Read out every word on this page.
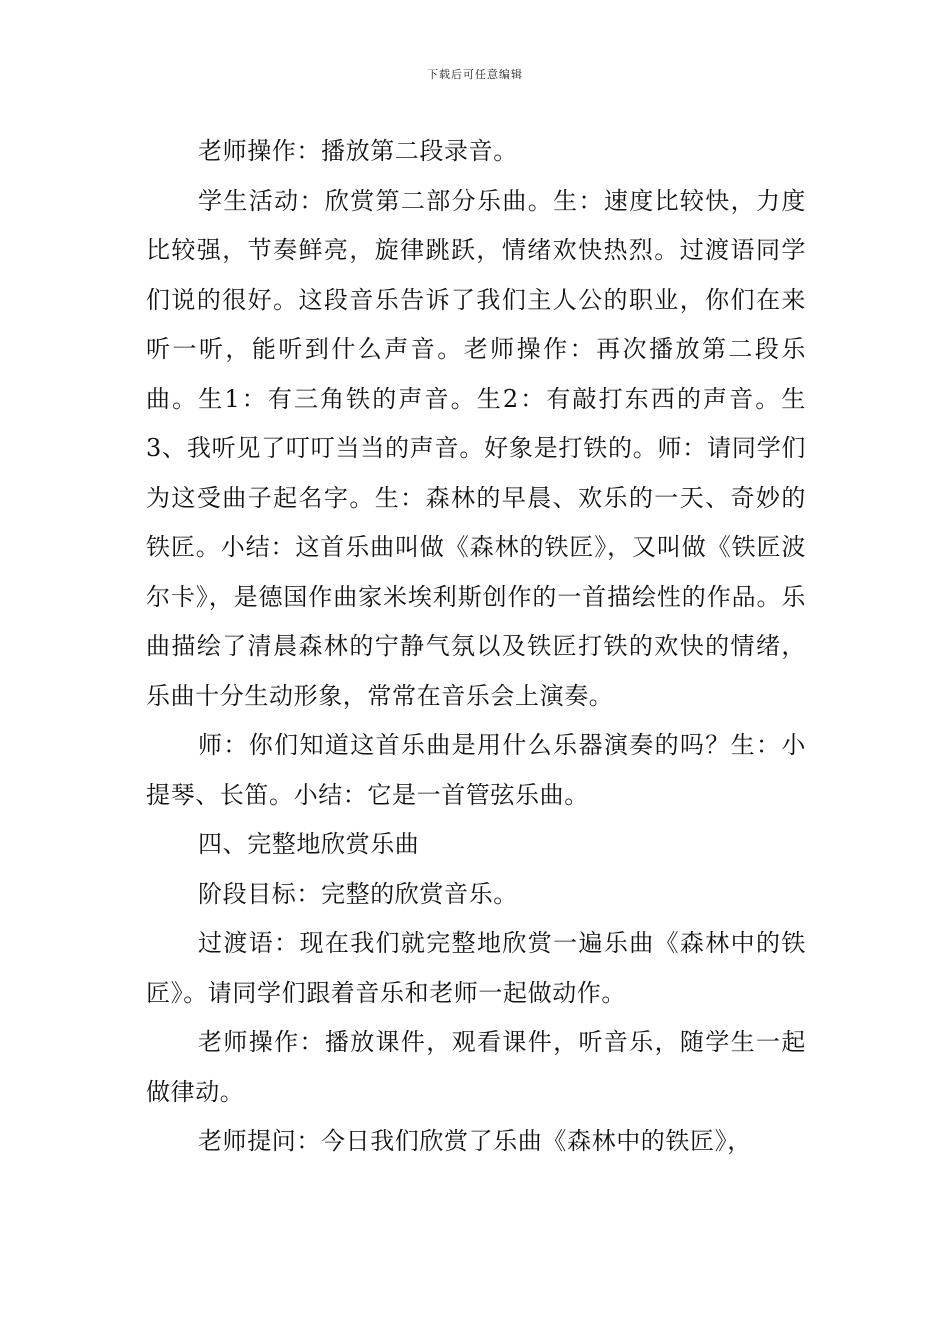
下载后可任意编辑

老师操作：播放第二段录音。

学生活动：欣赏第二部分乐曲。生：速度比较快，力度比较强，节奏鲜亮，旋律跳跃，情绪欢快热烈。过渡语同学们说的很好。这段音乐告诉了我们主人公的职业，你们在来听一听，能听到什么声音。老师操作：再次播放第二段乐曲。生1：有三角铁的声音。生2：有敲打东西的声音。生3、我听见了叮叮当当的声音。好象是打铁的。师：请同学们为这受曲子起名字。生：森林的早晨、欢乐的一天、奇妙的铁匠。小结：这首乐曲叫做《森林的铁匠》，又叫做《铁匠波尔卡》，是德国作曲家米埃利斯创作的一首描绘性的作品。乐曲描绘了清晨森林的宁静气氛以及铁匠打铁的欢快的情绪，乐曲十分生动形象，常常在音乐会上演奏。

师：你们知道这首乐曲是用什么乐器演奏的吗？生：小提琴、长笛。小结：它是一首管弦乐曲。

四、完整地欣赏乐曲

阶段目标：完整的欣赏音乐。

过渡语：现在我们就完整地欣赏一遍乐曲《森林中的铁匠》。请同学们跟着音乐和老师一起做动作。

老师操作：播放课件，观看课件，听音乐，随学生一起做律动。

老师提问：今日我们欣赏了乐曲《森林中的铁匠》，
